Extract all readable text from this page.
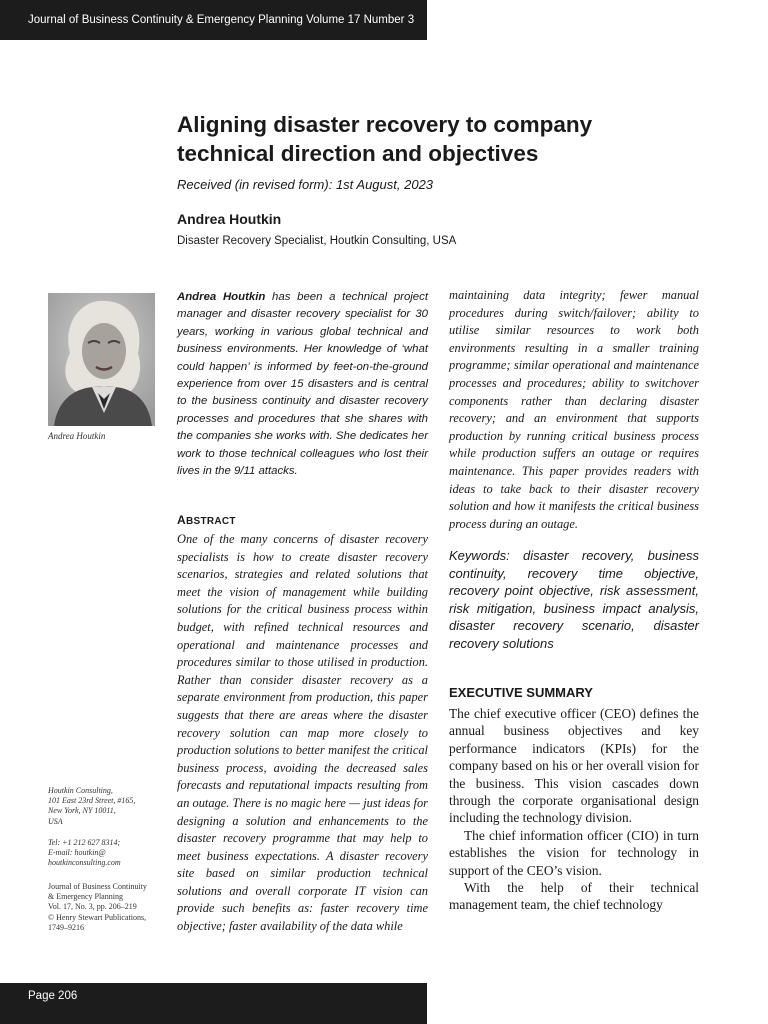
Journal of Business Continuity & Emergency Planning Volume 17 Number 3
Aligning disaster recovery to company technical direction and objectives
Received (in revised form): 1st August, 2023
Andrea Houtkin
Disaster Recovery Specialist, Houtkin Consulting, USA
Andrea Houtkin
Andrea Houtkin has been a technical project manager and disaster recovery specialist for 30 years, working in various global technical and business environments. Her knowledge of ‘what could happen’ is informed by feet-on-the-ground experience from over 15 disasters and is central to the business continuity and disaster recovery processes and procedures that she shares with the companies she works with. She dedicates her work to those technical colleagues who lost their lives in the 9/11 attacks.
ABSTRACT
One of the many concerns of disaster recovery specialists is how to create disaster recovery scenarios, strategies and related solutions that meet the vision of management while building solutions for the critical business process within budget, with refined technical resources and operational and maintenance processes and procedures similar to those utilised in production. Rather than consider disaster recovery as a separate environment from production, this paper suggests that there are areas where the disaster recovery solution can map more closely to production solutions to better manifest the critical business process, avoiding the decreased sales forecasts and reputational impacts resulting from an outage. There is no magic here — just ideas for designing a solution and enhancements to the disaster recovery programme that may help to meet business expectations. A disaster recovery site based on similar production technical solutions and overall corporate IT vision can provide such benefits as: faster recovery time objective; faster availability of the data while
maintaining data integrity; fewer manual procedures during switch/failover; ability to utilise similar resources to work both environments resulting in a smaller training programme; similar operational and maintenance processes and procedures; ability to switchover components rather than declaring disaster recovery; and an environment that supports production by running critical business process while production suffers an outage or requires maintenance. This paper provides readers with ideas to take back to their disaster recovery solution and how it manifests the critical business process during an outage.
Keywords: disaster recovery, business continuity, recovery time objective, recovery point objective, risk assessment, risk mitigation, business impact analysis, disaster recovery scenario, disaster recovery solutions
EXECUTIVE SUMMARY

The chief executive officer (CEO) defines the annual business objectives and key performance indicators (KPIs) for the company based on his or her overall vision for the business. This vision cascades down through the corporate organisational design including the technology division.

The chief information officer (CIO) in turn establishes the vision for technology in support of the CEO’s vision.

With the help of their technical management team, the chief technology

Houtkin Consulting,
101 East 23rd Street, #165,
New York, NY 10011,
USA
Tel: +1 212 627 8314;
E-mail: houtkin@
houtkinconsulting.com
Journal of Business Continuity
& Emergency Planning
Vol. 17, No. 3, pp. 206–219
© Henry Stewart Publications,
1749–9216
Page 206
